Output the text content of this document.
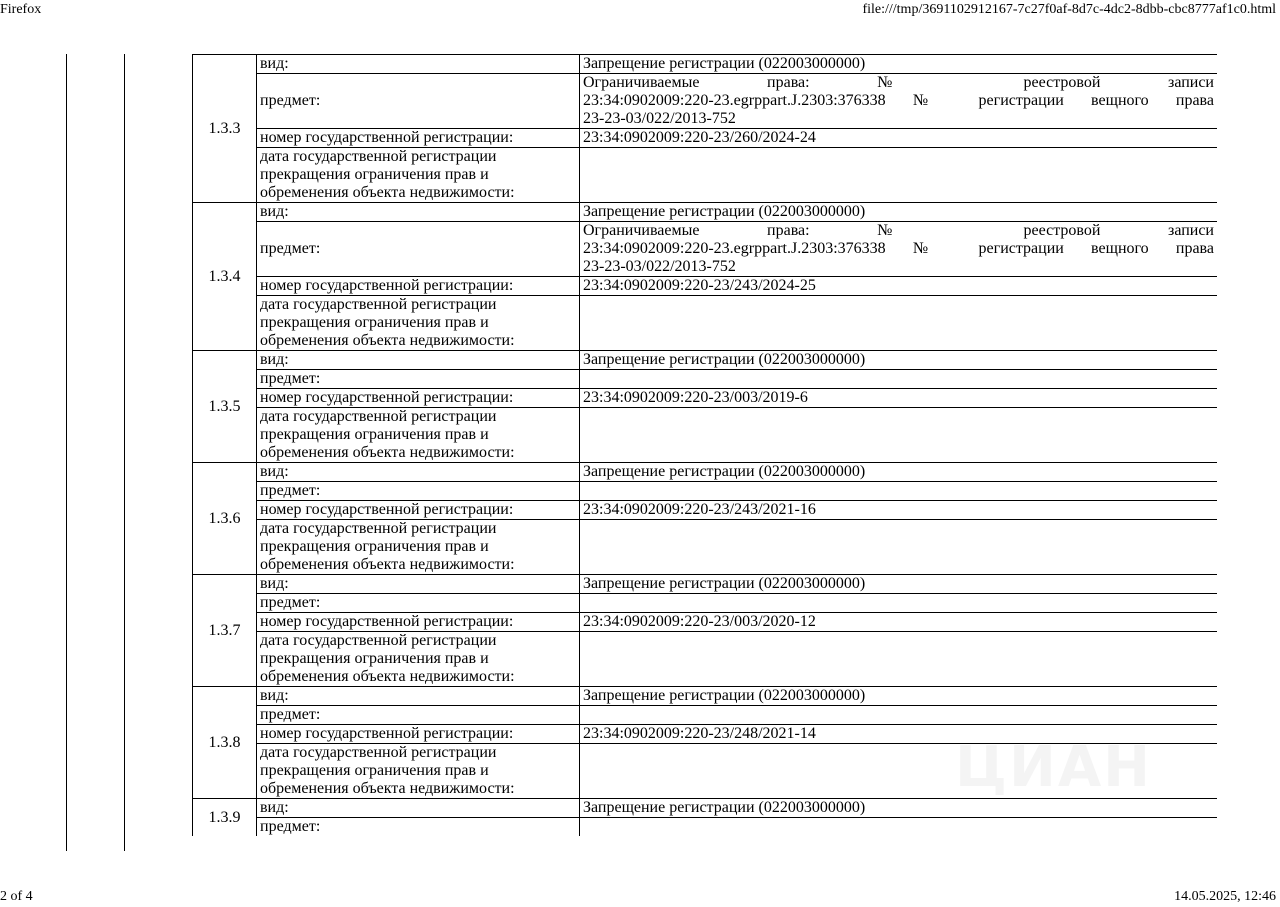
Firefox	file:///tmp/3691102912167-7c27f0af-8d7c-4dc2-8dbb-cbc8777af1c0.html
1.3.3	вид:	Запрещение регистрации (022003000000)
	предмет:	Ограничиваемые права: № реестровой записи
23:34:0902009:220-23.egrppart.J.2303:376338 № регистрации вещного права
23-23-03/022/2013-752

	номер государственной регистрации:	23:34:0902009:220-23/260/2024-24

	дата государственной регистрации
прекращения ограничения прав и
обременения объекта недвижимости:	

1.3.4	вид:	Запрещение регистрации (022003000000)
	предмет:	Ограничиваемые права: № реестровой записи
23:34:0902009:220-23.egrppart.J.2303:376338 № регистрации вещного права
23-23-03/022/2013-752

	номер государственной регистрации:	23:34:0902009:220-23/243/2024-25

	дата государственной регистрации
прекращения ограничения прав и
обременения объекта недвижимости:	

1.3.5	вид:	Запрещение регистрации (022003000000)
	предмет:	
	номер государственной регистрации:	23:34:0902009:220-23/003/2019-6

	дата государственной регистрации
прекращения ограничения прав и
обременения объекта недвижимости:	

1.3.6	вид:	Запрещение регистрации (022003000000)
	предмет:	
	номер государственной регистрации:	23:34:0902009:220-23/243/2021-16

	дата государственной регистрации
прекращения ограничения прав и
обременения объекта недвижимости:	

1.3.7	вид:	Запрещение регистрации (022003000000)
	предмет:	
	номер государственной регистрации:	23:34:0902009:220-23/003/2020-12

	дата государственной регистрации
прекращения ограничения прав и
обременения объекта недвижимости:	

1.3.8	вид:	Запрещение регистрации (022003000000)
	предмет:	
	номер государственной регистрации:	23:34:0902009:220-23/248/2021-14

	дата государственной регистрации
прекращения ограничения прав и
обременения объекта недвижимости:	

1.3.9	вид:	Запрещение регистрации (022003000000)
	предмет:	
ЦИАН
2 of 4	14.05.2025, 12:46
